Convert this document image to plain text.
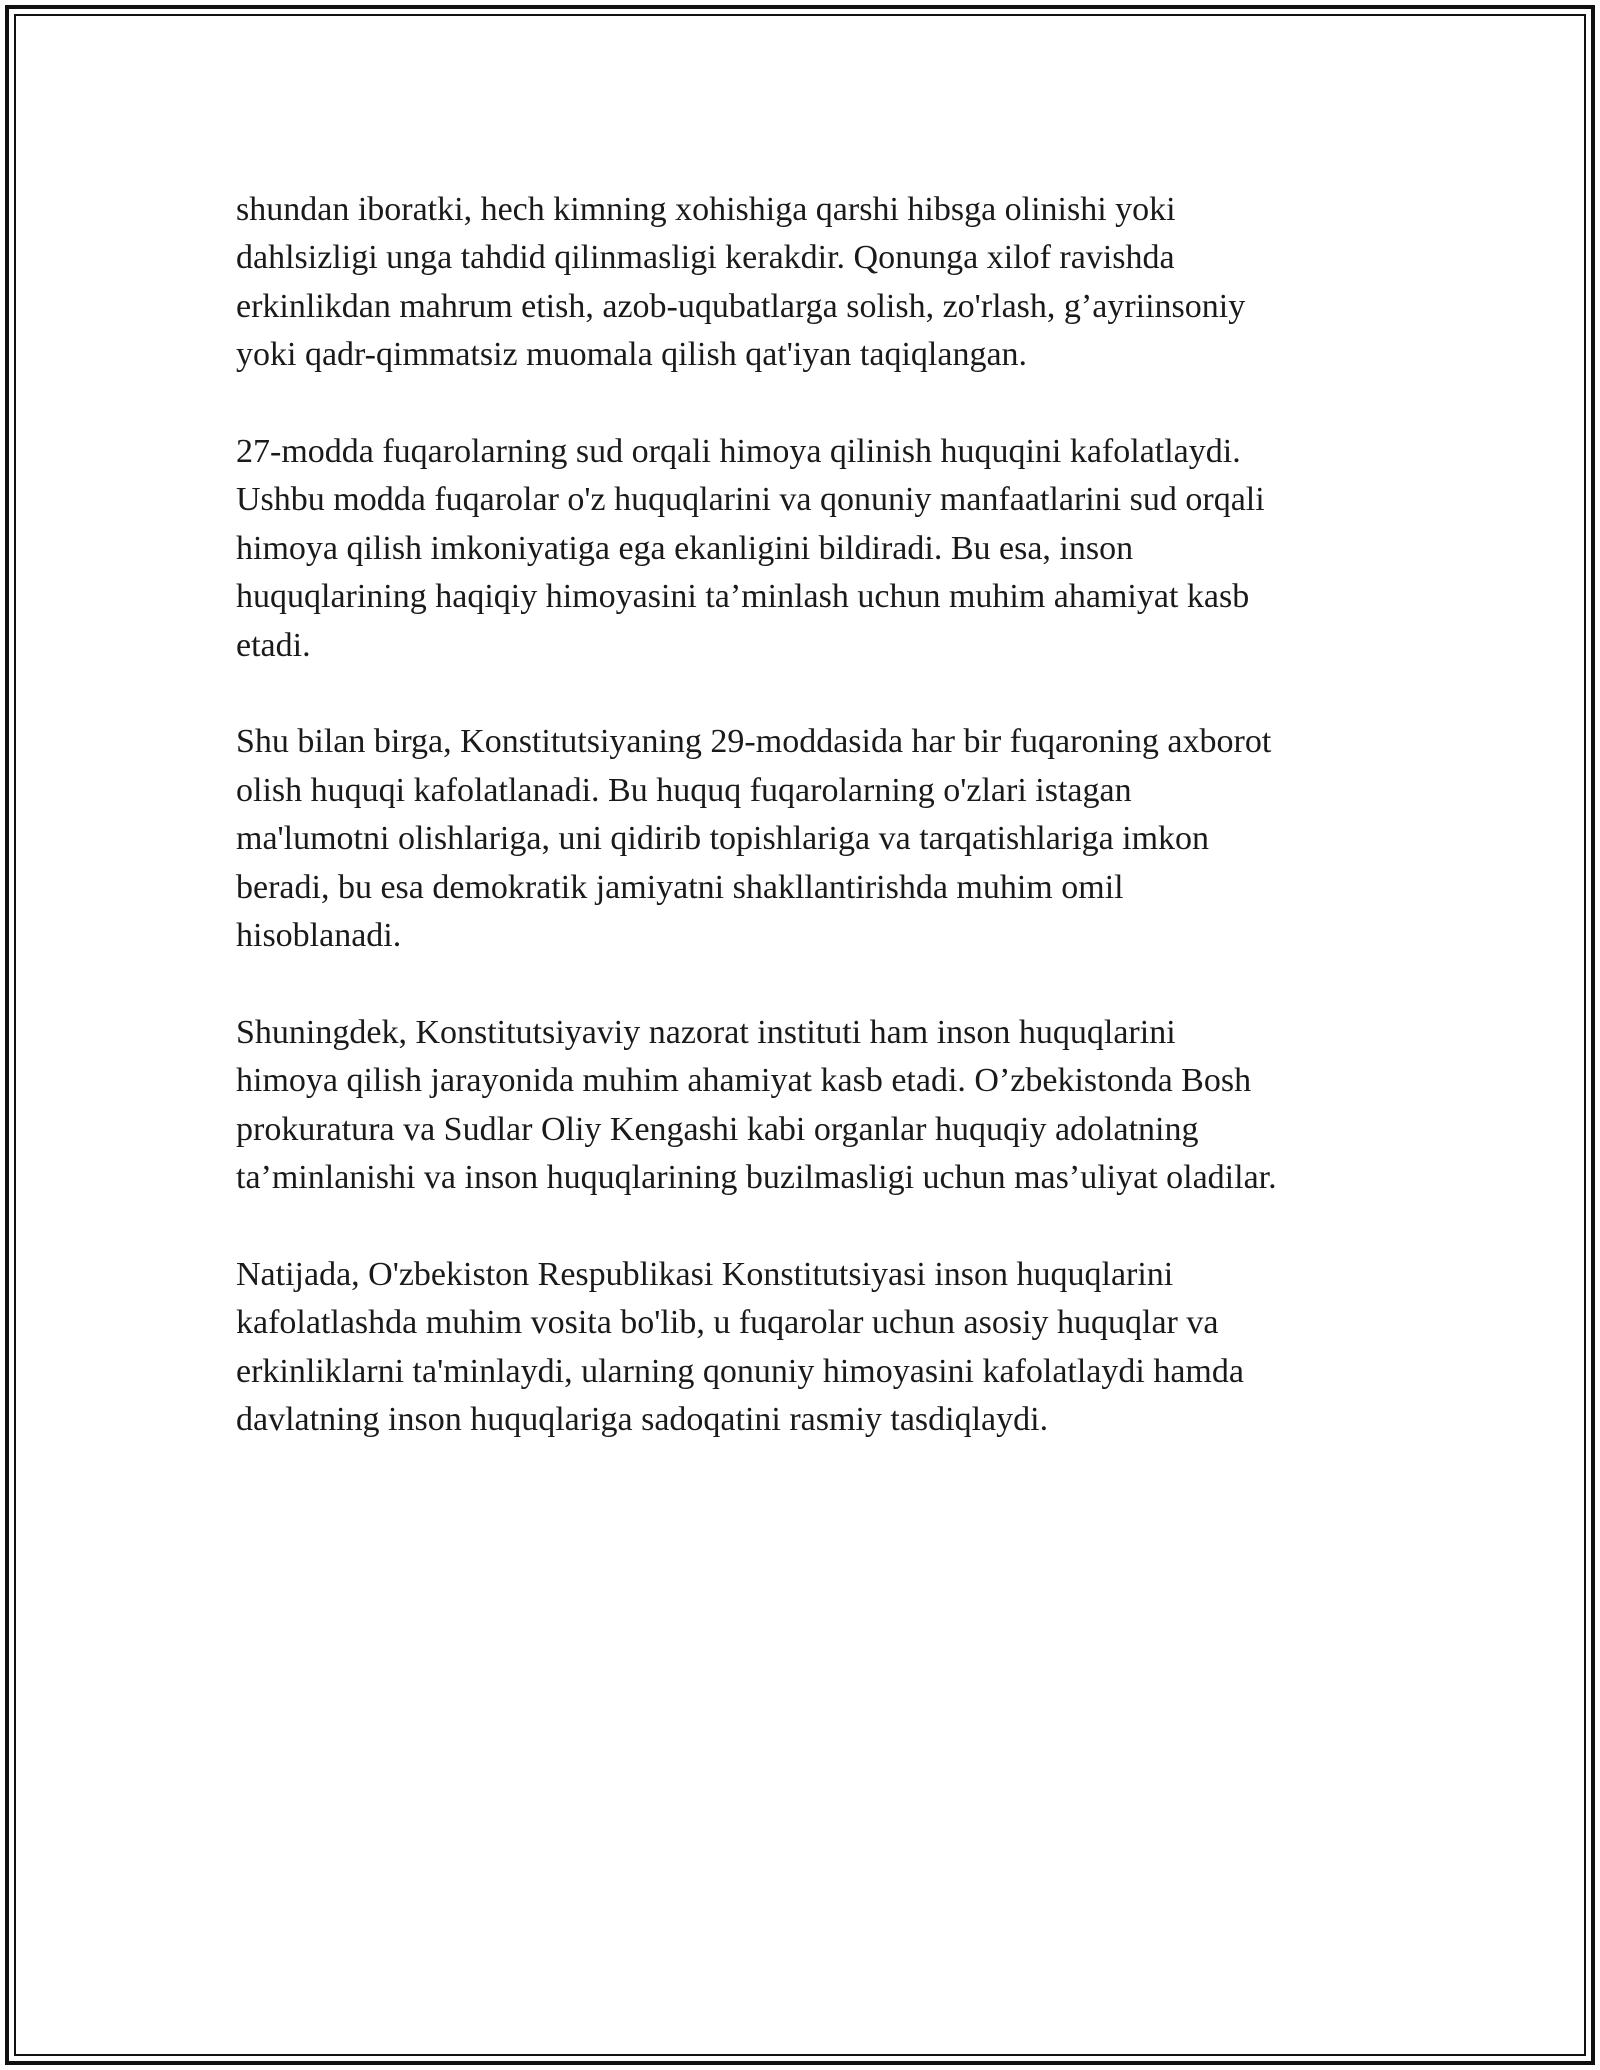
shundan iboratki, hech kimning xohishiga qarshi hibsga olinishi yoki
dahlsizligi unga tahdid qilinmasligi kerakdir. Qonunga xilof ravishda
erkinlikdan mahrum etish, azob-uqubatlarga solish, zo'rlash, g’ayriinsoniy
yoki qadr-qimmatsiz muomala qilish qat'iyan taqiqlangan.

27-modda fuqarolarning sud orqali himoya qilinish huquqini kafolatlaydi.
Ushbu modda fuqarolar o'z huquqlarini va qonuniy manfaatlarini sud orqali
himoya qilish imkoniyatiga ega ekanligini bildiradi. Bu esa, inson
huquqlarining haqiqiy himoyasini ta’minlash uchun muhim ahamiyat kasb
etadi.

Shu bilan birga, Konstitutsiyaning 29-moddasida har bir fuqaroning axborot
olish huquqi kafolatlanadi. Bu huquq fuqarolarning o'zlari istagan
ma'lumotni olishlariga, uni qidirib topishlariga va tarqatishlariga imkon
beradi, bu esa demokratik jamiyatni shakllantirishda muhim omil
hisoblanadi.

Shuningdek, Konstitutsiyaviy nazorat instituti ham inson huquqlarini
himoya qilish jarayonida muhim ahamiyat kasb etadi. O’zbekistonda Bosh
prokuratura va Sudlar Oliy Kengashi kabi organlar huquqiy adolatning
ta’minlanishi va inson huquqlarining buzilmasligi uchun mas’uliyat oladilar.

Natijada, O'zbekiston Respublikasi Konstitutsiyasi inson huquqlarini
kafolatlashda muhim vosita bo'lib, u fuqarolar uchun asosiy huquqlar va
erkinliklarni ta'minlaydi, ularning qonuniy himoyasini kafolatlaydi hamda
davlatning inson huquqlariga sadoqatini rasmiy tasdiqlaydi.
